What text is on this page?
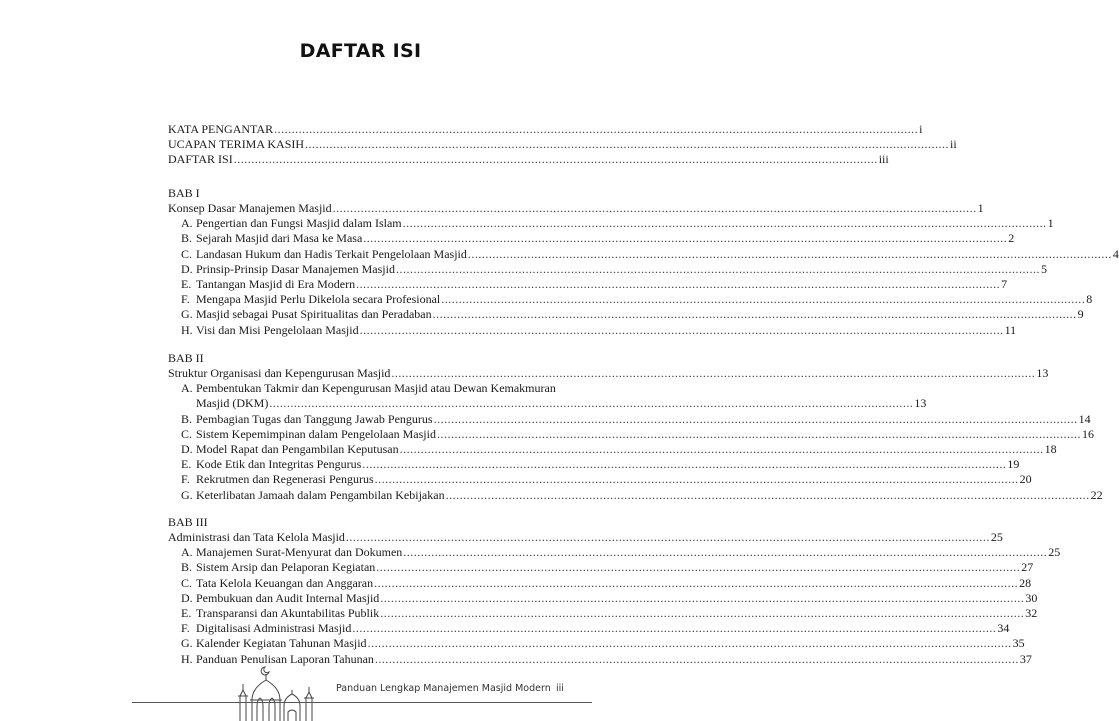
DAFTAR ISI
KATA PENGANTAR .....	i
UCAPAN TERIMA KASIH .....	ii
DAFTAR ISI .....	iii
BAB I
Konsep Dasar Manajemen Masjid .....	1
A. Pengertian dan Fungsi Masjid dalam Islam .....	1
B. Sejarah Masjid dari Masa ke Masa .....	2
C. Landasan Hukum dan Hadis Terkait Pengelolaan Masjid .....	4
D. Prinsip-Prinsip Dasar Manajemen Masjid .....	5
E. Tantangan Masjid di Era Modern .....	7
F. Mengapa Masjid Perlu Dikelola secara Profesional .....	8
G. Masjid sebagai Pusat Spiritualitas dan Peradaban .....	9
H. Visi dan Misi Pengelolaan Masjid .....	11
BAB II
Struktur Organisasi dan Kepengurusan Masjid .....	13
A. Pembentukan Takmir dan Kepengurusan Masjid atau Dewan Kemakmuran
Masjid (DKM) .....	13
B. Pembagian Tugas dan Tanggung Jawab Pengurus .....	14
C. Sistem Kepemimpinan dalam Pengelolaan Masjid .....	16
D. Model Rapat dan Pengambilan Keputusan .....	18
E. Kode Etik dan Integritas Pengurus .....	19
F. Rekrutmen dan Regenerasi Pengurus .....	20
G. Keterlibatan Jamaah dalam Pengambilan Kebijakan .....	22
BAB III
Administrasi dan Tata Kelola Masjid .....	25
A. Manajemen Surat-Menyurat dan Dokumen .....	25
B. Sistem Arsip dan Pelaporan Kegiatan .....	27
C. Tata Kelola Keuangan dan Anggaran .....	28
D. Pembukuan dan Audit Internal Masjid .....	30
E. Transparansi dan Akuntabilitas Publik .....	32
F. Digitalisasi Administrasi Masjid .....	34
G. Kalender Kegiatan Tahunan Masjid .....	35
H. Panduan Penulisan Laporan Tahunan .....	37
Panduan Lengkap Manajemen Masjid Modern iii
